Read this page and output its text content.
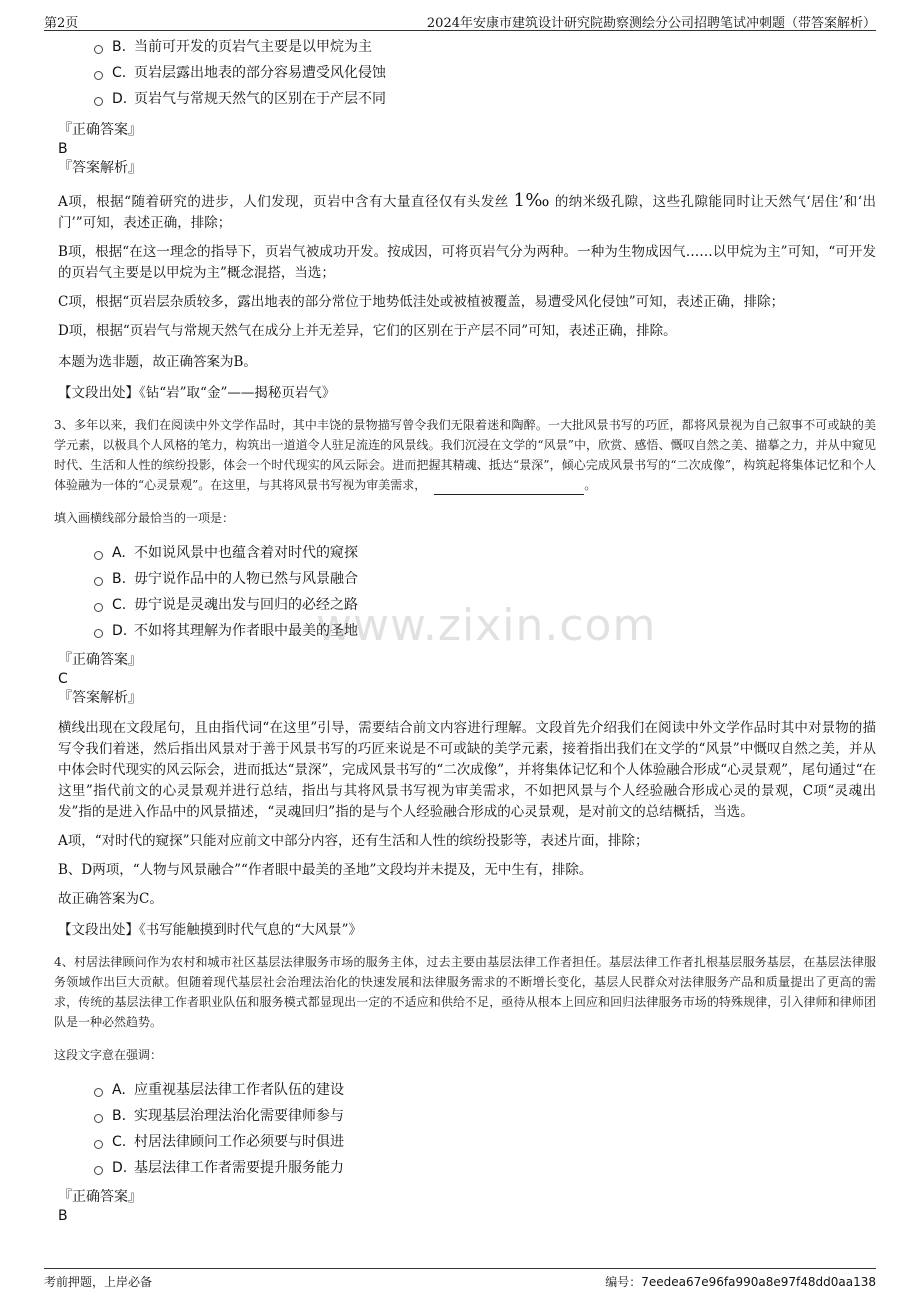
第2页	2024年安康市建筑设计研究院勘察测绘分公司招聘笔试冲刺题（带答案解析）
www.zixin.com
B. 当前可开发的页岩气主要是以甲烷为主
C. 页岩层露出地表的部分容易遭受风化侵蚀
D. 页岩气与常规天然气的区别在于产层不同
『正确答案』
B
『答案解析』
A项，根据“随着研究的进步，人们发现，页岩中含有大量直径仅有头发丝 1‰ 的纳米级孔隙，这些孔隙能同时让天然气‘居住’和‘出门’”可知，表述正确，排除；
B项，根据“在这一理念的指导下，页岩气被成功开发。按成因，可将页岩气分为两种。一种为生物成因气……以甲烷为主”可知，“可开发的页岩气主要是以甲烷为主”概念混搭，当选；
C项，根据“页岩层杂质较多，露出地表的部分常位于地势低洼处或被植被覆盖，易遭受风化侵蚀”可知，表述正确，排除；
D项，根据“页岩气与常规天然气在成分上并无差异，它们的区别在于产层不同”可知，表述正确，排除。
本题为选非题，故正确答案为B。
【文段出处】《钻“岩”取“金”——揭秘页岩气》
3、多年以来，我们在阅读中外文学作品时，其中丰饶的景物描写曾令我们无限着迷和陶醉。一大批风景书写的巧匠，都将风景视为自己叙事不可或缺的美学元素，以极具个人风格的笔力，构筑出一道道令人驻足流连的风景线。我们沉浸在文学的“风景”中，欣赏、感悟、慨叹自然之美、描摹之力，并从中窥见时代、生活和人性的缤纷投影，体会一个时代现实的风云际会。进而把握其精魂、抵达“景深”，倾心完成风景书写的“二次成像”，构筑起将集体记忆和个人体验融为一体的“心灵景观”。在这里，与其将风景书写视为审美需求，	。
填入画横线部分最恰当的一项是：
A. 不如说风景中也蕴含着对时代的窥探
B. 毋宁说作品中的人物已然与风景融合
C. 毋宁说是灵魂出发与回归的必经之路
D. 不如将其理解为作者眼中最美的圣地
『正确答案』
C
『答案解析』
横线出现在文段尾句，且由指代词“在这里”引导，需要结合前文内容进行理解。文段首先介绍我们在阅读中外文学作品时其中对景物的描写令我们着迷，然后指出风景对于善于风景书写的巧匠来说是不可或缺的美学元素，接着指出我们在文学的“风景”中慨叹自然之美，并从中体会时代现实的风云际会，进而抵达“景深”，完成风景书写的“二次成像”，并将集体记忆和个人体验融合形成“心灵景观”，尾句通过“在这里”指代前文的心灵景观并进行总结，指出与其将风景书写视为审美需求，不如把风景与个人经验融合形成心灵的景观，C项“灵魂出发”指的是进入作品中的风景描述，“灵魂回归”指的是与个人经验融合形成的心灵景观，是对前文的总结概括，当选。
A项，“对时代的窥探”只能对应前文中部分内容，还有生活和人性的缤纷投影等，表述片面，排除；
B、D两项，“人物与风景融合”“作者眼中最美的圣地”文段均并未提及，无中生有，排除。
故正确答案为C。
【文段出处】《书写能触摸到时代气息的“大风景”》
4、村居法律顾问作为农村和城市社区基层法律服务市场的服务主体，过去主要由基层法律工作者担任。基层法律工作者扎根基层服务基层，在基层法律服务领域作出巨大贡献。但随着现代基层社会治理法治化的快速发展和法律服务需求的不断增长变化，基层人民群众对法律服务产品和质量提出了更高的需求，传统的基层法律工作者职业队伍和服务模式都显现出一定的不适应和供给不足，亟待从根本上回应和回归法律服务市场的特殊规律，引入律师和律师团队是一种必然趋势。
这段文字意在强调：
A. 应重视基层法律工作者队伍的建设
B. 实现基层治理法治化需要律师参与
C. 村居法律顾问工作必须要与时俱进
D. 基层法律工作者需要提升服务能力
『正确答案』
B
考前押题，上岸必备	编号：7eedea67e96fa990a8e97f48dd0aa138
